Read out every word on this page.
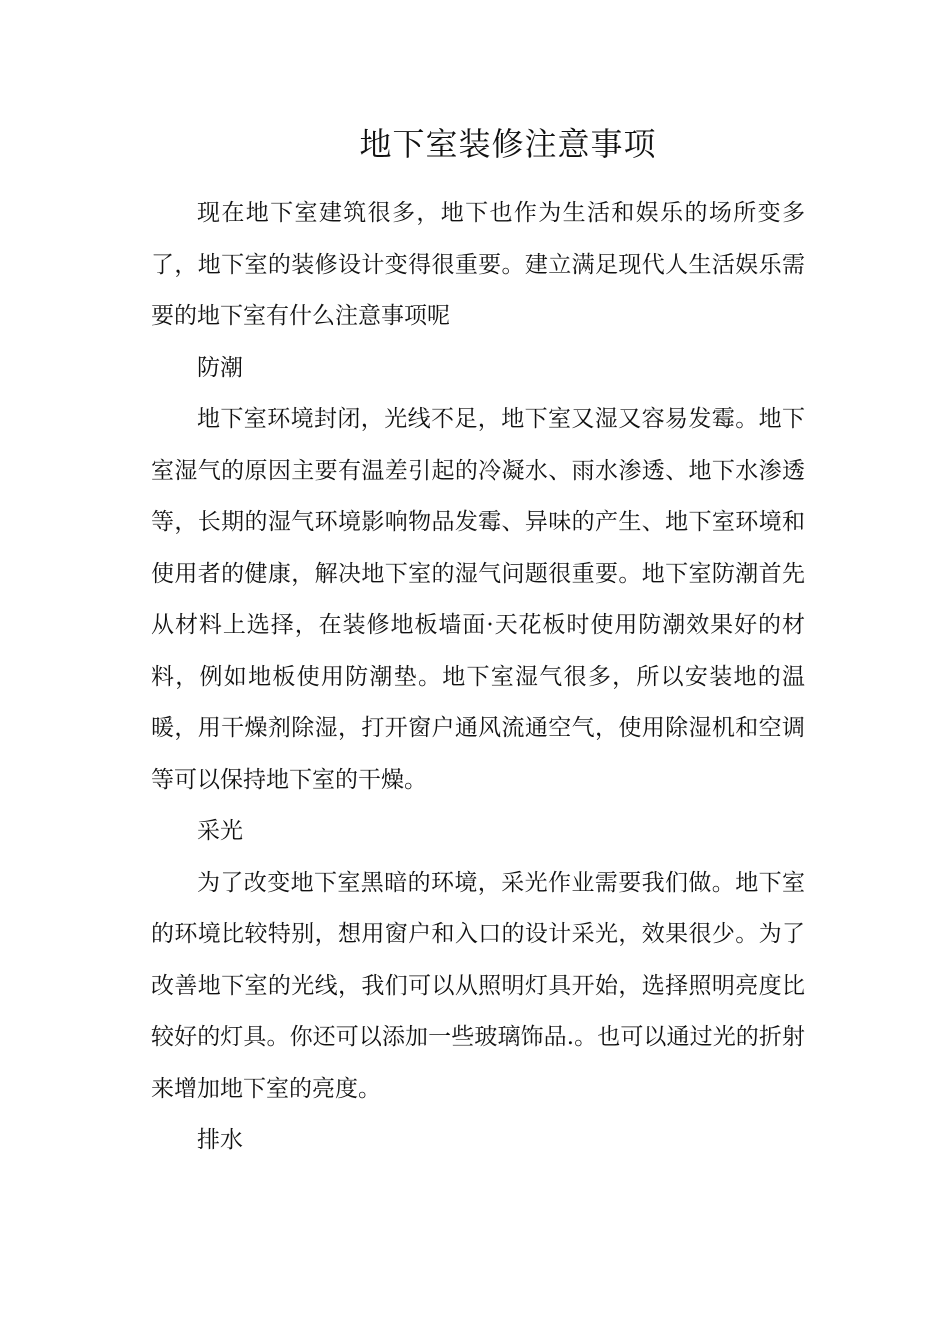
地下室装修注意事项

现在地下室建筑很多，地下也作为生活和娱乐的场所变多了，地下室的装修设计变得很重要。建立满足现代人生活娱乐需要的地下室有什么注意事项呢

防潮

地下室环境封闭，光线不足，地下室又湿又容易发霉。地下室湿气的原因主要有温差引起的冷凝水、雨水渗透、地下水渗透等，长期的湿气环境影响物品发霉、异味的产生、地下室环境和使用者的健康，解决地下室的湿气问题很重要。地下室防潮首先从材料上选择，在装修地板墙面·天花板时使用防潮效果好的材料，例如地板使用防潮垫。地下室湿气很多，所以安装地的温暖，用干燥剂除湿，打开窗户通风流通空气，使用除湿机和空调等可以保持地下室的干燥。

采光

为了改变地下室黑暗的环境，采光作业需要我们做。地下室的环境比较特别，想用窗户和入口的设计采光，效果很少。为了改善地下室的光线，我们可以从照明灯具开始，选择照明亮度比较好的灯具。你还可以添加一些玻璃饰品.。也可以通过光的折射来增加地下室的亮度。

排水
